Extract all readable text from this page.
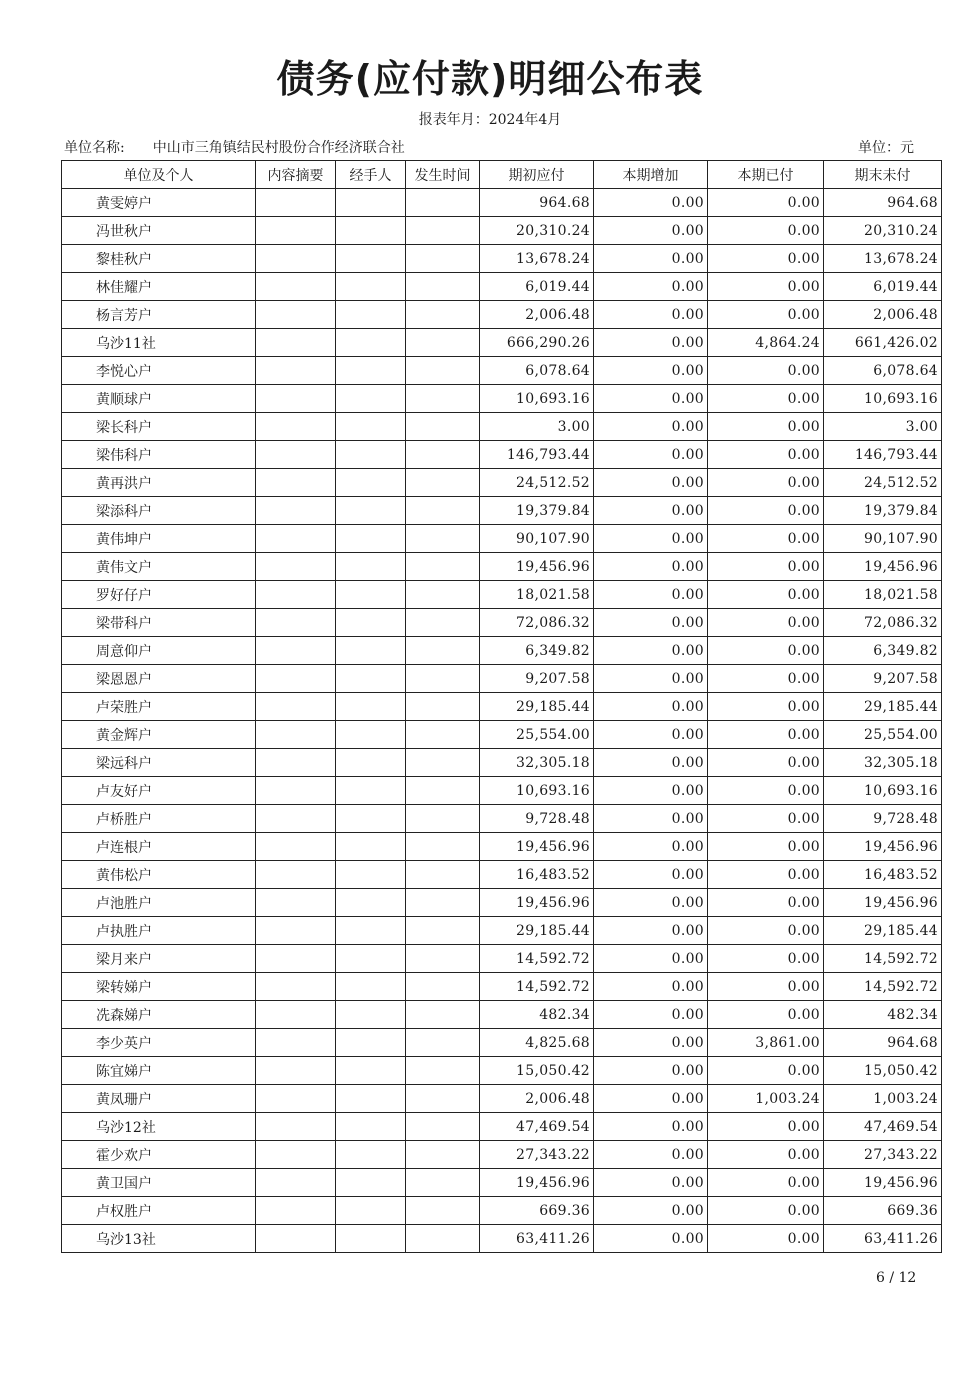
债务(应付款)明细公布表
报表年月：2024年4月
单位名称: 中山市三角镇结民村股份合作经济联合社	单位：元
单位及个人	内容摘要	经手人	发生时间	期初应付	本期增加	本期已付	期末未付
黄雯婷户				964.68	0.00	0.00	964.68
冯世秋户				20,310.24	0.00	0.00	20,310.24
黎桂秋户				13,678.24	0.00	0.00	13,678.24
林佳耀户				6,019.44	0.00	0.00	6,019.44
杨言芳户				2,006.48	0.00	0.00	2,006.48
乌沙11社				666,290.26	0.00	4,864.24	661,426.02
李悦心户				6,078.64	0.00	0.00	6,078.64
黄顺球户				10,693.16	0.00	0.00	10,693.16
梁长科户				3.00	0.00	0.00	3.00
梁伟科户				146,793.44	0.00	0.00	146,793.44
黄再洪户				24,512.52	0.00	0.00	24,512.52
梁添科户				19,379.84	0.00	0.00	19,379.84
黄伟坤户				90,107.90	0.00	0.00	90,107.90
黄伟文户				19,456.96	0.00	0.00	19,456.96
罗好仔户				18,021.58	0.00	0.00	18,021.58
梁带科户				72,086.32	0.00	0.00	72,086.32
周意仰户				6,349.82	0.00	0.00	6,349.82
梁恩恩户				9,207.58	0.00	0.00	9,207.58
卢荣胜户				29,185.44	0.00	0.00	29,185.44
黄金辉户				25,554.00	0.00	0.00	25,554.00
梁远科户				32,305.18	0.00	0.00	32,305.18
卢友好户				10,693.16	0.00	0.00	10,693.16
卢桥胜户				9,728.48	0.00	0.00	9,728.48
卢连根户				19,456.96	0.00	0.00	19,456.96
黄伟松户				16,483.52	0.00	0.00	16,483.52
卢池胜户				19,456.96	0.00	0.00	19,456.96
卢执胜户				29,185.44	0.00	0.00	29,185.44
梁月来户				14,592.72	0.00	0.00	14,592.72
梁转娣户				14,592.72	0.00	0.00	14,592.72
冼森娣户				482.34	0.00	0.00	482.34
李少英户				4,825.68	0.00	3,861.00	964.68
陈宜娣户				15,050.42	0.00	0.00	15,050.42
黄凤珊户				2,006.48	0.00	1,003.24	1,003.24
乌沙12社				47,469.54	0.00	0.00	47,469.54
霍少欢户				27,343.22	0.00	0.00	27,343.22
黄卫国户				19,456.96	0.00	0.00	19,456.96
卢权胜户				669.36	0.00	0.00	669.36
乌沙13社				63,411.26	0.00	0.00	63,411.26
6 / 12
